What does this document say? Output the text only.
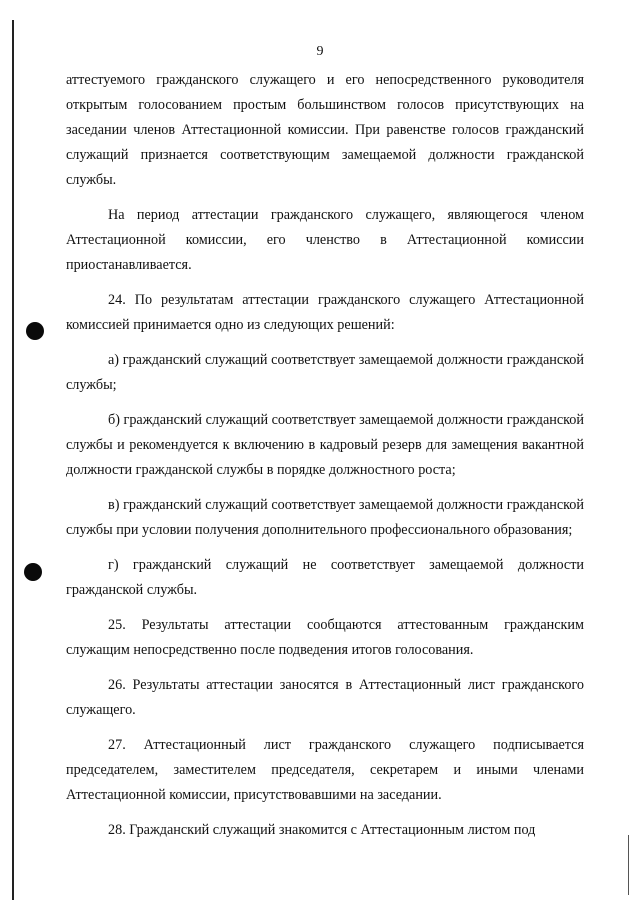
9

аттестуемого гражданского служащего и его непосредственного руководителя открытым голосованием простым большинством голосов присутствующих на заседании членов Аттестационной комиссии. При равенстве голосов гражданский служащий признается соответствующим замещаемой должности гражданской службы.

На период аттестации гражданского служащего, являющегося членом Аттестационной комиссии, его членство в Аттестационной комиссии приостанавливается.

24. По результатам аттестации гражданского служащего Аттестационной комиссией принимается одно из следующих решений:

а) гражданский служащий соответствует замещаемой должности гражданской службы;

б) гражданский служащий соответствует замещаемой должности гражданской службы и рекомендуется к включению в кадровый резерв для замещения вакантной должности гражданской службы в порядке должностного роста;

в) гражданский служащий соответствует замещаемой должности гражданской службы при условии получения дополнительного профессионального образования;

г) гражданский служащий не соответствует замещаемой должности гражданской службы.

25. Результаты аттестации сообщаются аттестованным гражданским служащим непосредственно после подведения итогов голосования.

26. Результаты аттестации заносятся в Аттестационный лист гражданского служащего.

27. Аттестационный лист гражданского служащего подписывается председателем, заместителем председателя, секретарем и иными членами Аттестационной комиссии, присутствовавшими на заседании.

28. Гражданский служащий знакомится с Аттестационным листом под
